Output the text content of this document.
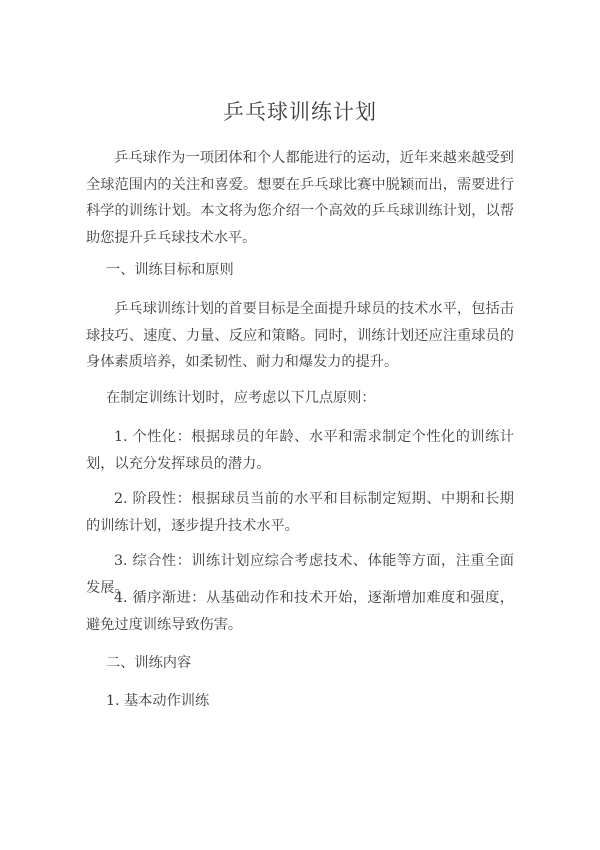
乒乓球训练计划
乒乓球作为一项团体和个人都能进行的运动，近年来越来越受到全球范围内的关注和喜爱。想要在乒乓球比赛中脱颖而出，需要进行科学的训练计划。本文将为您介绍一个高效的乒乓球训练计划，以帮助您提升乒乓球技术水平。
一、训练目标和原则
乒乓球训练计划的首要目标是全面提升球员的技术水平，包括击球技巧、速度、力量、反应和策略。同时，训练计划还应注重球员的身体素质培养，如柔韧性、耐力和爆发力的提升。
在制定训练计划时，应考虑以下几点原则：
1. 个性化：根据球员的年龄、水平和需求制定个性化的训练计划，以充分发挥球员的潜力。
2. 阶段性：根据球员当前的水平和目标制定短期、中期和长期的训练计划，逐步提升技术水平。
3. 综合性：训练计划应综合考虑技术、体能等方面，注重全面发展。
4. 循序渐进：从基础动作和技术开始，逐渐增加难度和强度，避免过度训练导致伤害。
二、训练内容
1. 基本动作训练
